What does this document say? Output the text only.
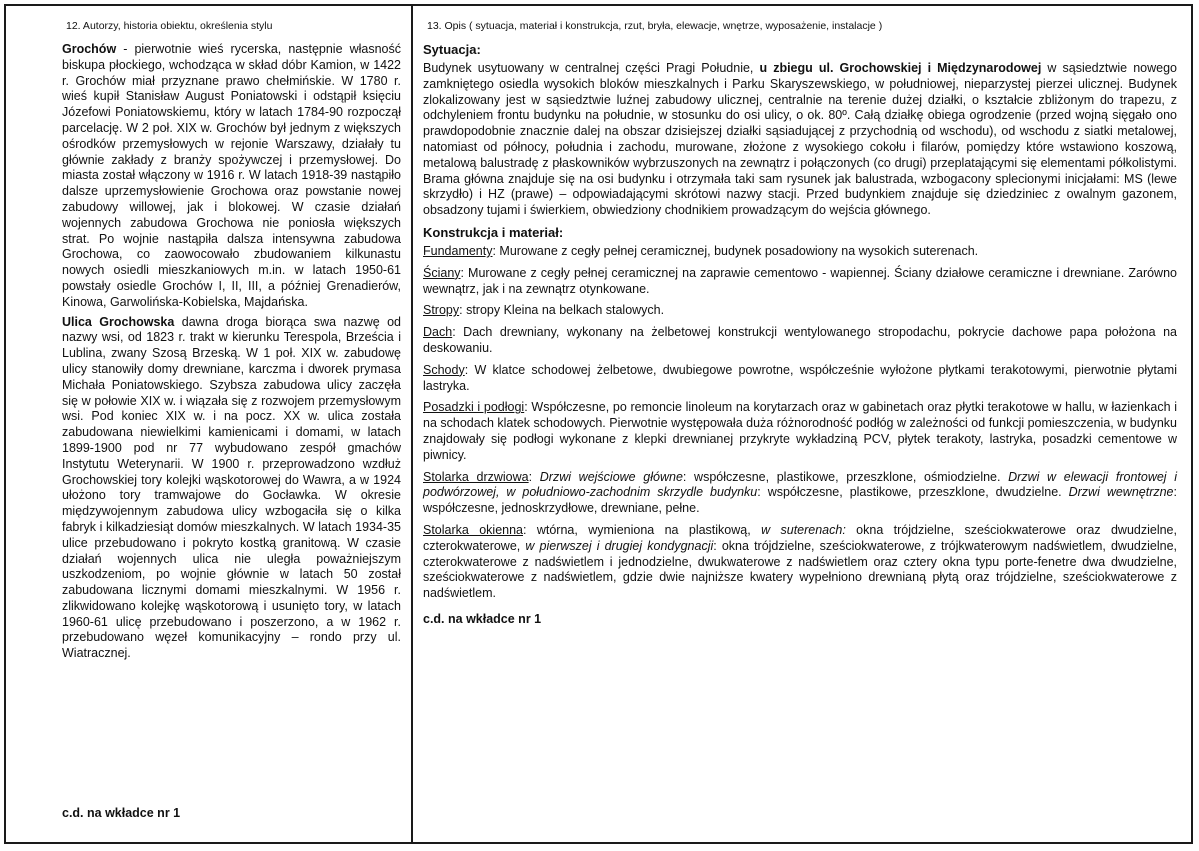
12. Autorzy, historia obiektu, określenia stylu

Grochów - pierwotnie wieś rycerska, następnie własność biskupa płockiego, wchodząca w skład dóbr Kamion, w 1422 r. Grochów miał przyznane prawo chełmińskie. W 1780 r. wieś kupił Stanisław August Poniatowski i odstąpił księciu Józefowi Poniatowskiemu, który w latach 1784-90 rozpoczął parcelację. W 2 poł. XIX w. Grochów był jednym z większych ośrodków przemysłowych w rejonie Warszawy, działały tu głównie zakłady z branży spożywczej i przemysłowej. Do miasta został włączony w 1916 r. W latach 1918-39 nastąpiło dalsze uprzemysłowienie Grochowa oraz powstanie nowej zabudowy willowej, jak i blokowej. W czasie działań wojennych zabudowa Grochowa nie poniosła większych strat. Po wojnie nastąpiła dalsza intensywna zabudowa Grochowa, co zaowocowało zbudowaniem kilkunastu nowych osiedli mieszkaniowych m.in. w latach 1950-61 powstały osiedle Grochów I, II, III, a później Grenadierów, Kinowa, Garwolińska-Kobielska, Majdańska.

Ulica Grochowska dawna droga biorąca swa nazwę od nazwy wsi, od 1823 r. trakt w kierunku Terespola, Brześcia i Lublina, zwany Szosą Brzeską. W 1 poł. XIX w. zabudowę ulicy stanowiły domy drewniane, karczma i dworek prymasa Michała Poniatowskiego. Szybsza zabudowa ulicy zaczęła się w połowie XIX w. i wiązała się z rozwojem przemysłowym wsi. Pod koniec XIX w. i na pocz. XX w. ulica została zabudowana niewielkimi kamienicami i domami, w latach 1899-1900 pod nr 77 wybudowano zespół gmachów Instytutu Weterynarii. W 1900 r. przeprowadzono wzdłuż Grochowskiej tory kolejki wąskotorowej do Wawra, a w 1924 ułożono tory tramwajowe do Gocławka. W okresie międzywojennym zabudowa ulicy wzbogaciła się o kilka fabryk i kilkadziesiąt domów mieszkalnych. W latach 1934-35 ulice przebudowano i pokryto kostką granitową. W czasie działań wojennych ulica nie uległa poważniejszym uszkodzeniom, po wojnie głównie w latach 50 został zabudowana licznymi domami mieszkalnymi. W 1956 r. zlikwidowano kolejkę wąskotorową i usunięto tory, w latach 1960-61 ulicę przebudowano i poszerzono, a w 1962 r. przebudowano węzeł komunikacyjny – rondo przy ul. Wiatracznej.

c.d. na wkładce nr 1
13. Opis ( sytuacja, materiał i konstrukcja, rzut, bryła, elewacje, wnętrze, wyposażenie, instalacje )
Sytuacja:

Budynek usytuowany w centralnej części Pragi Południe, u zbiegu ul. Grochowskiej i Międzynarodowej w sąsiedztwie nowego zamkniętego osiedla wysokich bloków mieszkalnych i Parku Skaryszewskiego, w południowej, nieparzystej pierzei ulicznej. Budynek zlokalizowany jest w sąsiedztwie luźnej zabudowy ulicznej, centralnie na terenie dużej działki, o kształcie zbliżonym do trapezu, z odchyleniem frontu budynku na południe, w stosunku do osi ulicy, o ok. 80º. Całą działkę obiega ogrodzenie (przed wojną sięgało ono prawdopodobnie znacznie dalej na obszar dzisiejszej działki sąsiadującej z przychodnią od wschodu), od wschodu z siatki metalowej, natomiast od północy, południa i zachodu, murowane, złożone z wysokiego cokołu i filarów, pomiędzy które wstawiono koszową, metalową balustradę z płaskowników wybrzuszonych na zewnątrz i połączonych (co drugi) przeplatającymi się elementami półkolistymi. Brama główna znajduje się na osi budynku i otrzymała taki sam rysunek jak balustrada, wzbogacony splecionymi inicjałami: MS (lewe skrzydło) i HZ (prawe) – odpowiadającymi skrótowi nazwy stacji. Przed budynkiem znajduje się dziedziniec z owalnym gazonem, obsadzony tujami i świerkiem, obwiedziony chodnikiem prowadzącym do wejścia głównego.

Konstrukcja i materiał:

Fundamenty: Murowane z cegły pełnej ceramicznej, budynek posadowiony na wysokich suterenach.

Ściany: Murowane z cegły pełnej ceramicznej na zaprawie cementowo - wapiennej. Ściany działowe ceramiczne i drewniane. Zarówno wewnątrz, jak i na zewnątrz otynkowane.

Stropy: stropy Kleina na belkach stalowych.

Dach: Dach drewniany, wykonany na żelbetowej konstrukcji wentylowanego stropodachu, pokrycie dachowe papa położona na deskowaniu.

Schody: W klatce schodowej żelbetowe, dwubiegowe powrotne, współcześnie wyłożone płytkami terakotowymi, pierwotnie płytami lastryka.

Posadzki i podłogi: Współczesne, po remoncie linoleum na korytarzach oraz w gabinetach oraz płytki terakotowe w hallu, w łazienkach i na schodach klatek schodowych. Pierwotnie występowała duża różnorodność podłóg w zależności od funkcji pomieszczenia, w budynku znajdowały się podłogi wykonane z klepki drewnianej przykryte wykładziną PCV, płytek terakoty, lastryka, posadzki cementowe w piwnicy.

Stolarka drzwiowa: Drzwi wejściowe główne: współczesne, plastikowe, przeszklone, ośmiodzielne. Drzwi w elewacji frontowej i podwórzowej, w południowo-zachodnim skrzydle budynku: współczesne, plastikowe, przeszklone, dwudzielne. Drzwi wewnętrzne: współczesne, jednoskrzydłowe, drewniane, pełne.

Stolarka okienna: wtórna, wymieniona na plastikową, w suterenach: okna trójdzielne, sześciokwaterowe oraz dwudzielne, czterokwaterowe, w pierwszej i drugiej kondygnacji: okna trójdzielne, sześciokwaterowe, z trójkwaterowym nadświetlem, dwudzielne, czterokwaterowe z nadświetlem i jednodzielne, dwukwaterowe z nadświetlem oraz cztery okna typu porte-fenetre dwa dwudzielne, sześciokwaterowe z nadświetlem, gdzie dwie najniższe kwatery wypełniono drewnianą płytą oraz trójdzielne, sześciokwaterowe z nadświetlem.

c.d. na wkładce nr 1
